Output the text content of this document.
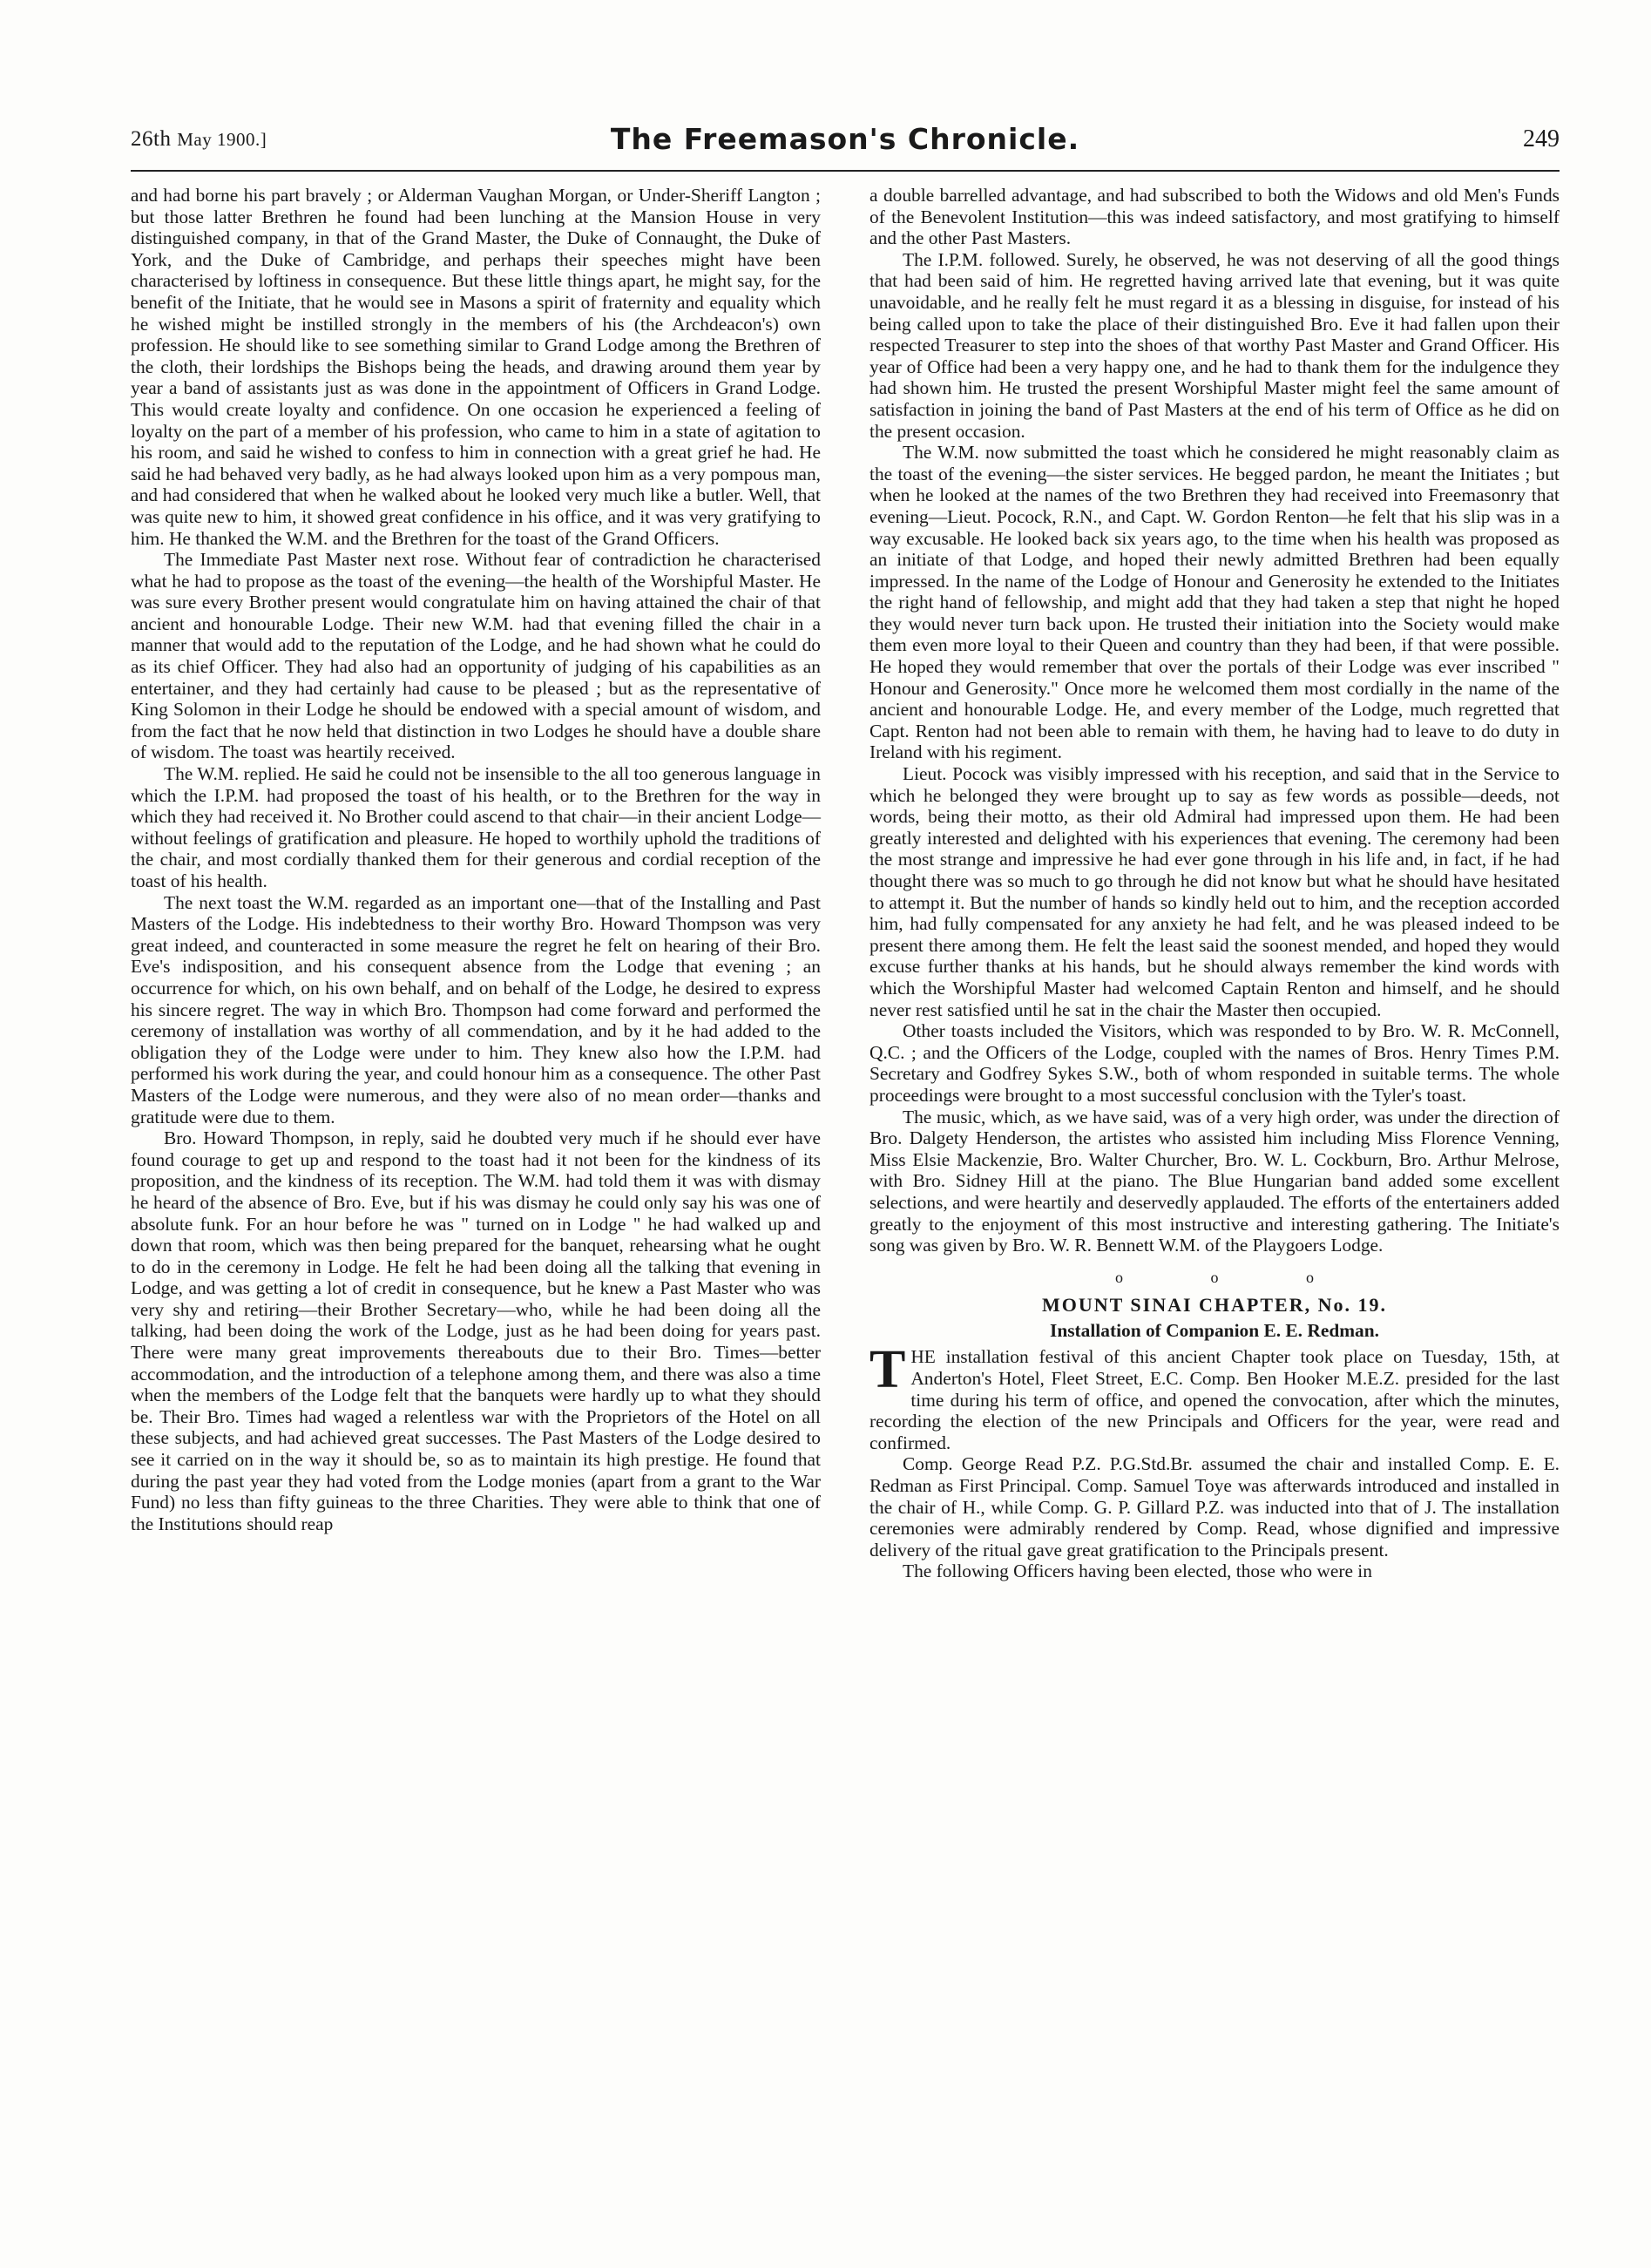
26th May 1900.]	The Freemason's Chronicle.	249

and had borne his part bravely ; or Alderman Vaughan Morgan, or Under-Sheriff Langton ; but those latter Brethren he found had been lunching at the Mansion House in very distinguished company, in that of the Grand Master, the Duke of Connaught, the Duke of York, and the Duke of Cambridge, and perhaps their speeches might have been characterised by loftiness in consequence. But these little things apart, he might say, for the benefit of the Initiate, that he would see in Masons a spirit of fraternity and equality which he wished might be instilled strongly in the members of his (the Archdeacon's) own profession. He should like to see something similar to Grand Lodge among the Brethren of the cloth, their lordships the Bishops being the heads, and drawing around them year by year a band of assistants just as was done in the appointment of Officers in Grand Lodge. This would create loyalty and confidence. On one occasion he experienced a feeling of loyalty on the part of a member of his profession, who came to him in a state of agitation to his room, and said he wished to confess to him in connection with a great grief he had. He said he had behaved very badly, as he had always looked upon him as a very pompous man, and had considered that when he walked about he looked very much like a butler. Well, that was quite new to him, it showed great confidence in his office, and it was very gratifying to him. He thanked the W.M. and the Brethren for the toast of the Grand Officers.

The Immediate Past Master next rose. Without fear of contradiction he characterised what he had to propose as the toast of the evening—the health of the Worshipful Master. He was sure every Brother present would congratulate him on having attained the chair of that ancient and honourable Lodge. Their new W.M. had that evening filled the chair in a manner that would add to the reputation of the Lodge, and he had shown what he could do as its chief Officer. They had also had an opportunity of judging of his capabilities as an entertainer, and they had certainly had cause to be pleased ; but as the representative of King Solomon in their Lodge he should be endowed with a special amount of wisdom, and from the fact that he now held that distinction in two Lodges he should have a double share of wisdom. The toast was heartily received.

The W.M. replied. He said he could not be insensible to the all too generous language in which the I.P.M. had proposed the toast of his health, or to the Brethren for the way in which they had received it. No Brother could ascend to that chair—in their ancient Lodge—without feelings of gratification and pleasure. He hoped to worthily uphold the traditions of the chair, and most cordially thanked them for their generous and cordial reception of the toast of his health.

The next toast the W.M. regarded as an important one—that of the Installing and Past Masters of the Lodge. His indebtedness to their worthy Bro. Howard Thompson was very great indeed, and counteracted in some measure the regret he felt on hearing of their Bro. Eve's indisposition, and his consequent absence from the Lodge that evening ; an occurrence for which, on his own behalf, and on behalf of the Lodge, he desired to express his sincere regret. The way in which Bro. Thompson had come forward and performed the ceremony of installation was worthy of all commendation, and by it he had added to the obligation they of the Lodge were under to him. They knew also how the I.P.M. had performed his work during the year, and could honour him as a consequence. The other Past Masters of the Lodge were numerous, and they were also of no mean order—thanks and gratitude were due to them.

Bro. Howard Thompson, in reply, said he doubted very much if he should ever have found courage to get up and respond to the toast had it not been for the kindness of its proposition, and the kindness of its reception. The W.M. had told them it was with dismay he heard of the absence of Bro. Eve, but if his was dismay he could only say his was one of absolute funk. For an hour before he was " turned on in Lodge " he had walked up and down that room, which was then being prepared for the banquet, rehearsing what he ought to do in the ceremony in Lodge. He felt he had been doing all the talking that evening in Lodge, and was getting a lot of credit in consequence, but he knew a Past Master who was very shy and retiring—their Brother Secretary—who, while he had been doing all the talking, had been doing the work of the Lodge, just as he had been doing for years past. There were many great improvements thereabouts due to their Bro. Times—better accommodation, and the introduction of a telephone among them, and there was also a time when the members of the Lodge felt that the banquets were hardly up to what they should be. Their Bro. Times had waged a relentless war with the Proprietors of the Hotel on all these subjects, and had achieved great successes. The Past Masters of the Lodge desired to see it carried on in the way it should be, so as to maintain its high prestige. He found that during the past year they had voted from the Lodge monies (apart from a grant to the War Fund) no less than fifty guineas to the three Charities. They were able to think that one of the Institutions should reap

a double barrelled advantage, and had subscribed to both the Widows and old Men's Funds of the Benevolent Institution—this was indeed satisfactory, and most gratifying to himself and the other Past Masters.

The I.P.M. followed. Surely, he observed, he was not deserving of all the good things that had been said of him. He regretted having arrived late that evening, but it was quite unavoidable, and he really felt he must regard it as a blessing in disguise, for instead of his being called upon to take the place of their distinguished Bro. Eve it had fallen upon their respected Treasurer to step into the shoes of that worthy Past Master and Grand Officer. His year of Office had been a very happy one, and he had to thank them for the indulgence they had shown him. He trusted the present Worshipful Master might feel the same amount of satisfaction in joining the band of Past Masters at the end of his term of Office as he did on the present occasion.

The W.M. now submitted the toast which he considered he might reasonably claim as the toast of the evening—the sister services. He begged pardon, he meant the Initiates ; but when he looked at the names of the two Brethren they had received into Freemasonry that evening—Lieut. Pocock, R.N., and Capt. W. Gordon Renton—he felt that his slip was in a way excusable. He looked back six years ago, to the time when his health was proposed as an initiate of that Lodge, and hoped their newly admitted Brethren had been equally impressed. In the name of the Lodge of Honour and Generosity he extended to the Initiates the right hand of fellowship, and might add that they had taken a step that night he hoped they would never turn back upon. He trusted their initiation into the Society would make them even more loyal to their Queen and country than they had been, if that were possible. He hoped they would remember that over the portals of their Lodge was ever inscribed " Honour and Generosity." Once more he welcomed them most cordially in the name of the ancient and honourable Lodge. He, and every member of the Lodge, much regretted that Capt. Renton had not been able to remain with them, he having had to leave to do duty in Ireland with his regiment.

Lieut. Pocock was visibly impressed with his reception, and said that in the Service to which he belonged they were brought up to say as few words as possible—deeds, not words, being their motto, as their old Admiral had impressed upon them. He had been greatly interested and delighted with his experiences that evening. The ceremony had been the most strange and impressive he had ever gone through in his life and, in fact, if he had thought there was so much to go through he did not know but what he should have hesitated to attempt it. But the number of hands so kindly held out to him, and the reception accorded him, had fully compensated for any anxiety he had felt, and he was pleased indeed to be present there among them. He felt the least said the soonest mended, and hoped they would excuse further thanks at his hands, but he should always remember the kind words with which the Worshipful Master had welcomed Captain Renton and himself, and he should never rest satisfied until he sat in the chair the Master then occupied.

Other toasts included the Visitors, which was responded to by Bro. W. R. McConnell, Q.C. ; and the Officers of the Lodge, coupled with the names of Bros. Henry Times P.M. Secretary and Godfrey Sykes S.W., both of whom responded in suitable terms. The whole proceedings were brought to a most successful conclusion with the Tyler's toast.

The music, which, as we have said, was of a very high order, was under the direction of Bro. Dalgety Henderson, the artistes who assisted him including Miss Florence Venning, Miss Elsie Mackenzie, Bro. Walter Churcher, Bro. W. L. Cockburn, Bro. Arthur Melrose, with Bro. Sidney Hill at the piano. The Blue Hungarian band added some excellent selections, and were heartily and deservedly applauded. The efforts of the entertainers added greatly to the enjoyment of this most instructive and interesting gathering. The Initiate's song was given by Bro. W. R. Bennett W.M. of the Playgoers Lodge.

o o o
MOUNT SINAI CHAPTER, No. 19.
Installation of Companion E. E. Redman.

THE installation festival of this ancient Chapter took place on Tuesday, 15th, at Anderton's Hotel, Fleet Street, E.C. Comp. Ben Hooker M.E.Z. presided for the last time during his term of office, and opened the convocation, after which the minutes, recording the election of the new Principals and Officers for the year, were read and confirmed.

Comp. George Read P.Z. P.G.Std.Br. assumed the chair and installed Comp. E. E. Redman as First Principal. Comp. Samuel Toye was afterwards introduced and installed in the chair of H., while Comp. G. P. Gillard P.Z. was inducted into that of J. The installation ceremonies were admirably rendered by Comp. Read, whose dignified and impressive delivery of the ritual gave great gratification to the Principals present.

The following Officers having been elected, those who were in
